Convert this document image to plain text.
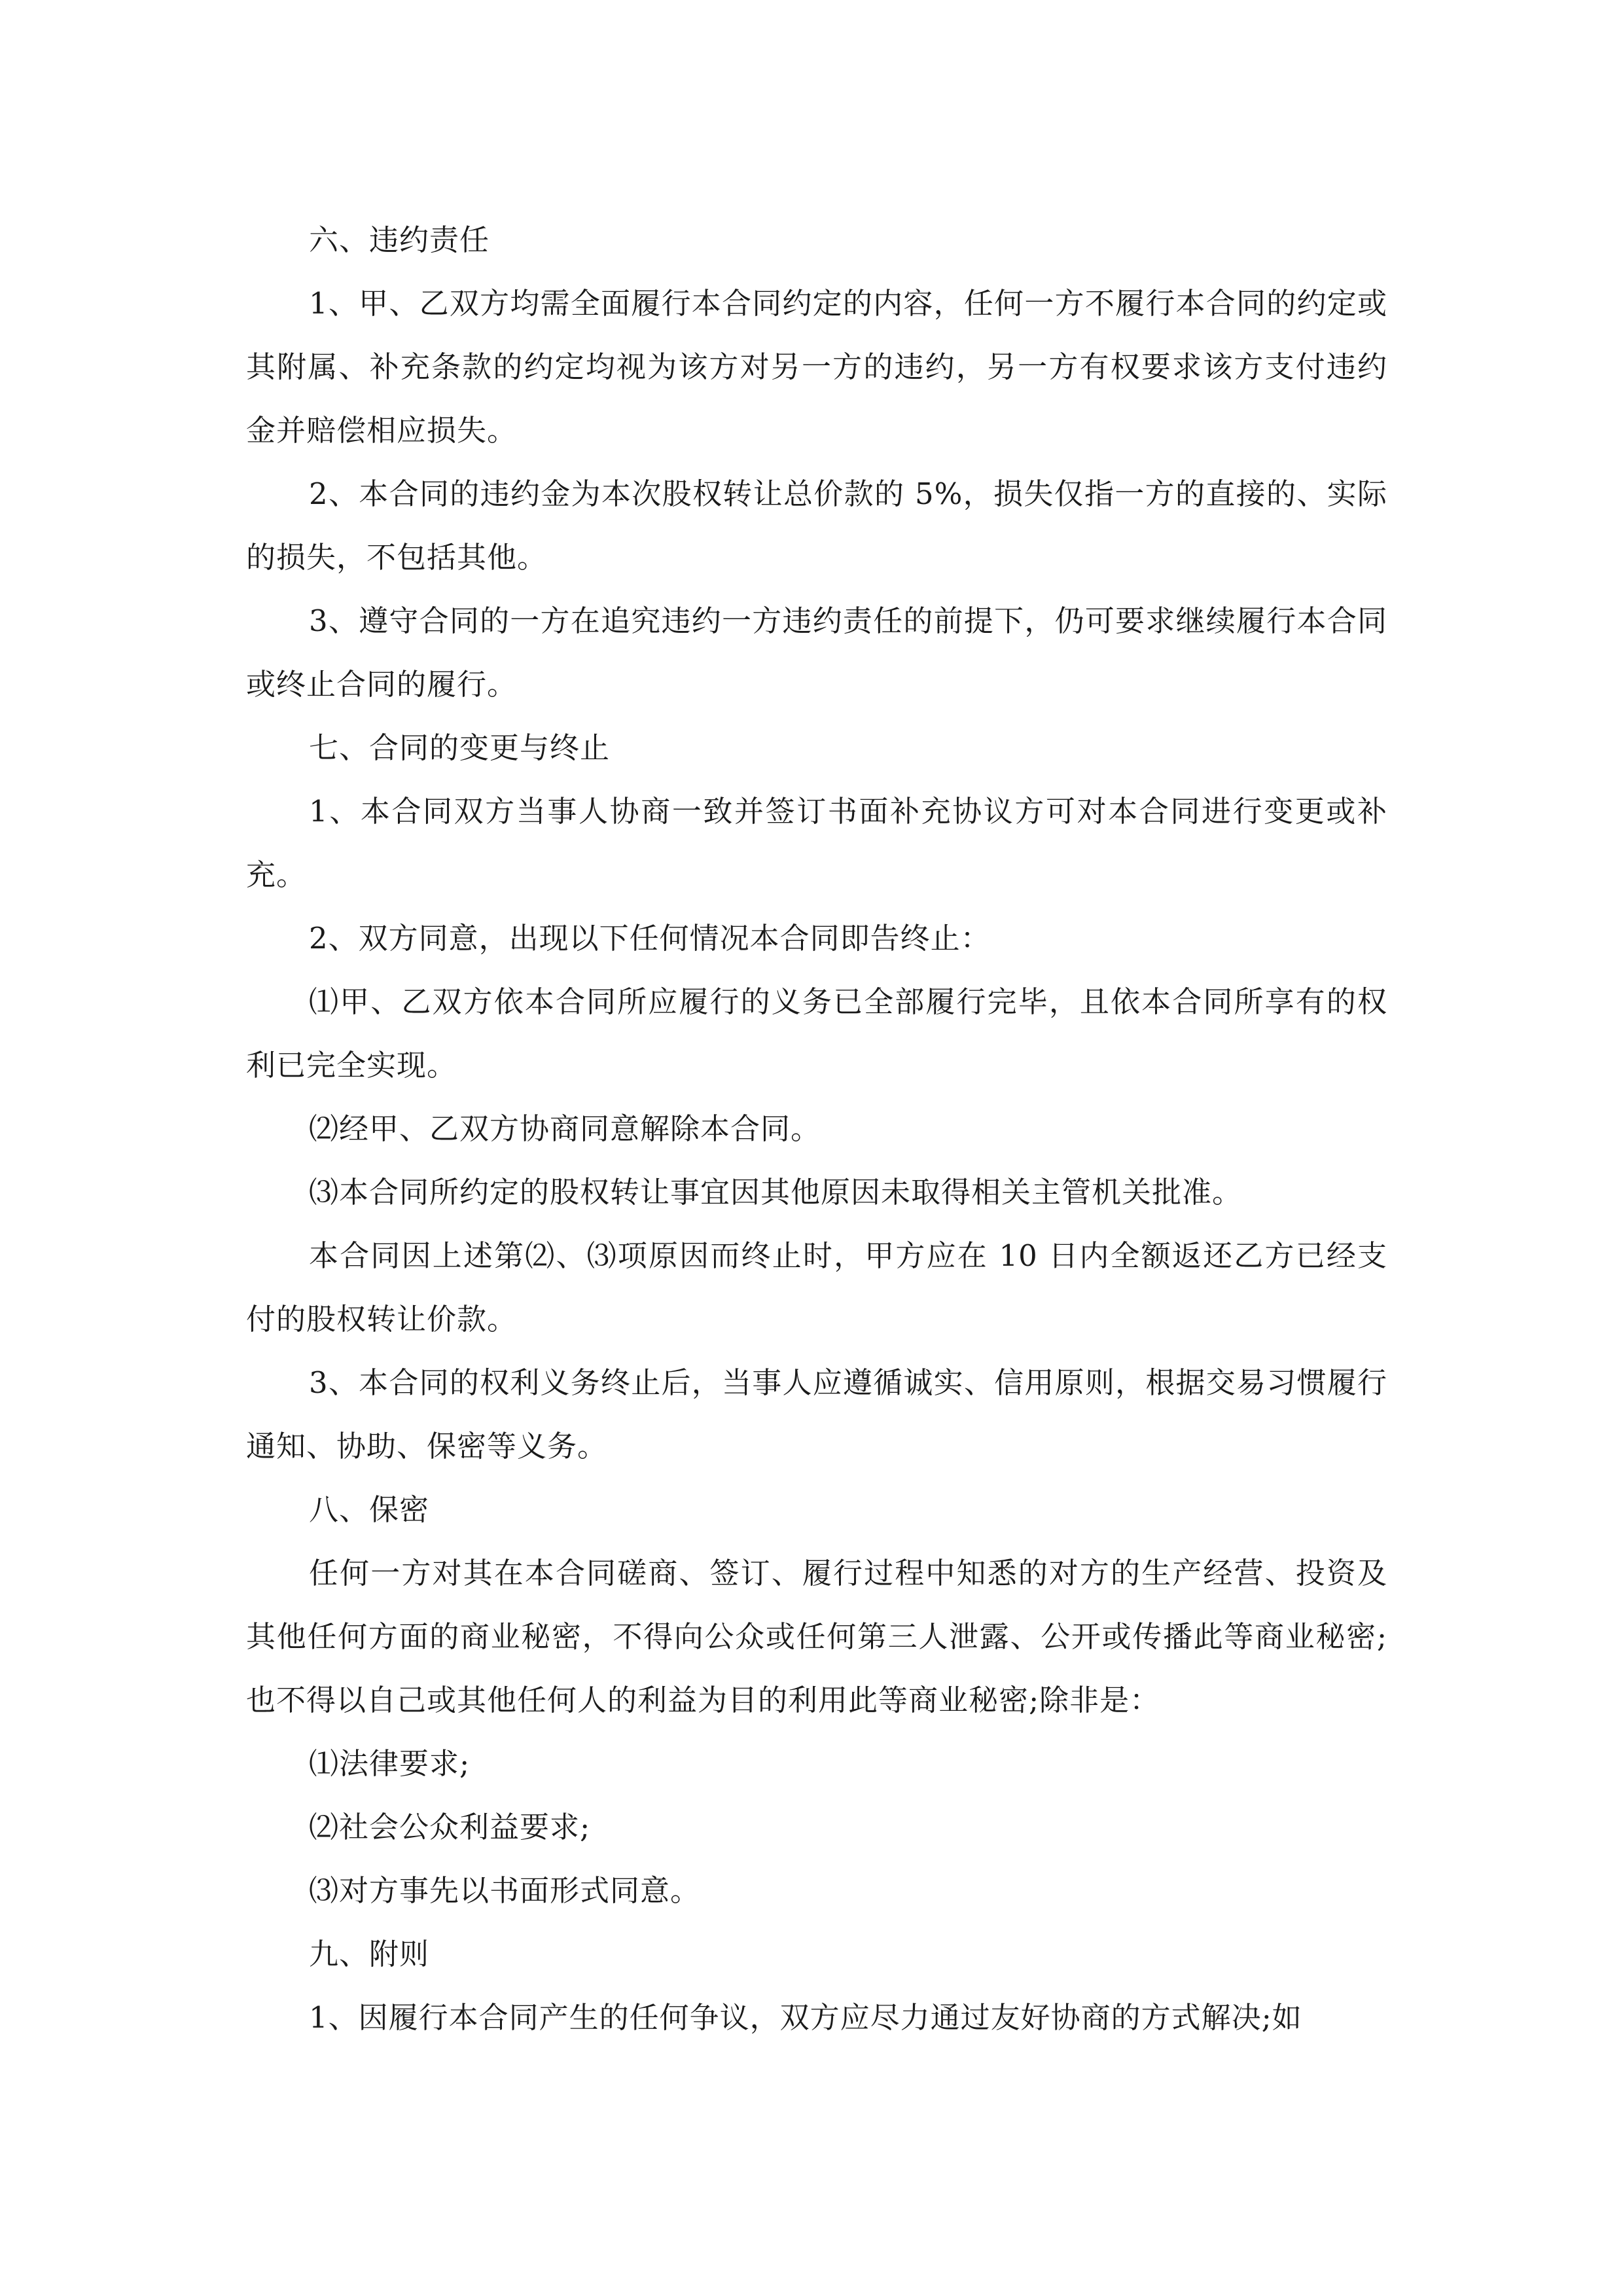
六、违约责任

1、甲、乙双方均需全面履行本合同约定的内容，任何一方不履行本合同的约定或其附属、补充条款的约定均视为该方对另一方的违约，另一方有权要求该方支付违约金并赔偿相应损失。

2、本合同的违约金为本次股权转让总价款的 5%，损失仅指一方的直接的、实际的损失，不包括其他。

3、遵守合同的一方在追究违约一方违约责任的前提下，仍可要求继续履行本合同或终止合同的履行。

七、合同的变更与终止

1、本合同双方当事人协商一致并签订书面补充协议方可对本合同进行变更或补充。

2、双方同意，出现以下任何情况本合同即告终止：

⑴甲、乙双方依本合同所应履行的义务已全部履行完毕，且依本合同所享有的权利已完全实现。

⑵经甲、乙双方协商同意解除本合同。

⑶本合同所约定的股权转让事宜因其他原因未取得相关主管机关批准。

本合同因上述第⑵、⑶项原因而终止时，甲方应在 10 日内全额返还乙方已经支付的股权转让价款。

3、本合同的权利义务终止后，当事人应遵循诚实、信用原则，根据交易习惯履行通知、协助、保密等义务。

八、保密

任何一方对其在本合同磋商、签订、履行过程中知悉的对方的生产经营、投资及其他任何方面的商业秘密，不得向公众或任何第三人泄露、公开或传播此等商业秘密;也不得以自己或其他任何人的利益为目的利用此等商业秘密;除非是：

⑴法律要求;

⑵社会公众利益要求;

⑶对方事先以书面形式同意。

九、附则

1、因履行本合同产生的任何争议，双方应尽力通过友好协商的方式解决;如
